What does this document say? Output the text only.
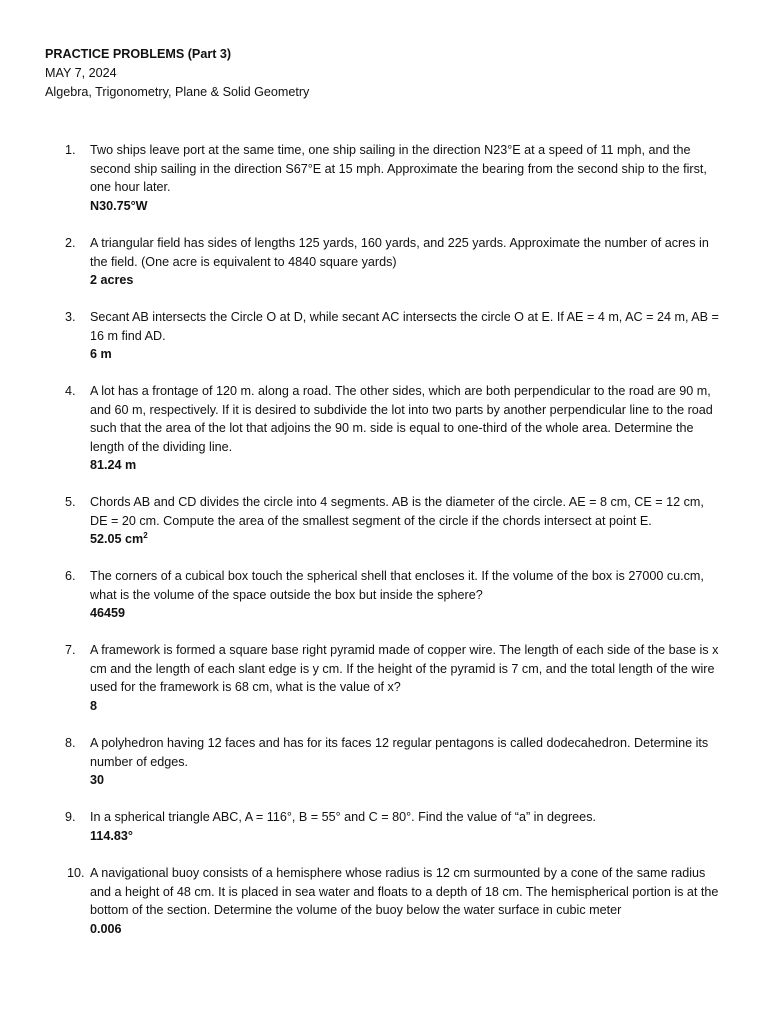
PRACTICE PROBLEMS (Part 3)
MAY 7, 2024
Algebra, Trigonometry, Plane & Solid Geometry
1.	Two ships leave port at the same time, one ship sailing in the direction N23°E at a speed of 11 mph, and the second ship sailing in the direction S67°E at 15 mph. Approximate the bearing from the second ship to the first, one hour later.
N30.75°W
2.	A triangular field has sides of lengths 125 yards, 160 yards, and 225 yards. Approximate the number of acres in the field. (One acre is equivalent to 4840 square yards)
2 acres
3.	Secant AB intersects the Circle O at D, while secant AC intersects the circle O at E. If AE = 4 m, AC = 24 m, AB = 16 m find AD.
6 m
4.	A lot has a frontage of 120 m. along a road. The other sides, which are both perpendicular to the road are 90 m, and 60 m, respectively. If it is desired to subdivide the lot into two parts by another perpendicular line to the road such that the area of the lot that adjoins the 90 m. side is equal to one-third of the whole area. Determine the length of the dividing line.
81.24 m
5.	Chords AB and CD divides the circle into 4 segments. AB is the diameter of the circle. AE = 8 cm, CE = 12 cm, DE = 20 cm. Compute the area of the smallest segment of the circle if the chords intersect at point E.
52.05 $cm^2$
6.	The corners of a cubical box touch the spherical shell that encloses it. If the volume of the box is 27000 cu.cm, what is the volume of the space outside the box but inside the sphere?
46459
7.	A framework is formed a square base right pyramid made of copper wire. The length of each side of the base is x cm and the length of each slant edge is y cm. If the height of the pyramid is 7 cm, and the total length of the wire used for the framework is 68 cm, what is the value of x?
8
8.	A polyhedron having 12 faces and has for its faces 12 regular pentagons is called dodecahedron. Determine its number of edges.
30
9.	In a spherical triangle ABC, A = 116°, B = 55° and C = 80°. Find the value of “a” in degrees.
114.83°
10. A navigational buoy consists of a hemisphere whose radius is 12 cm surmounted by a cone of the same radius and a height of 48 cm. It is placed in sea water and floats to a depth of 18 cm. The hemispherical portion is at the bottom of the section. Determine the volume of the buoy below the water surface in cubic meter
0.006
